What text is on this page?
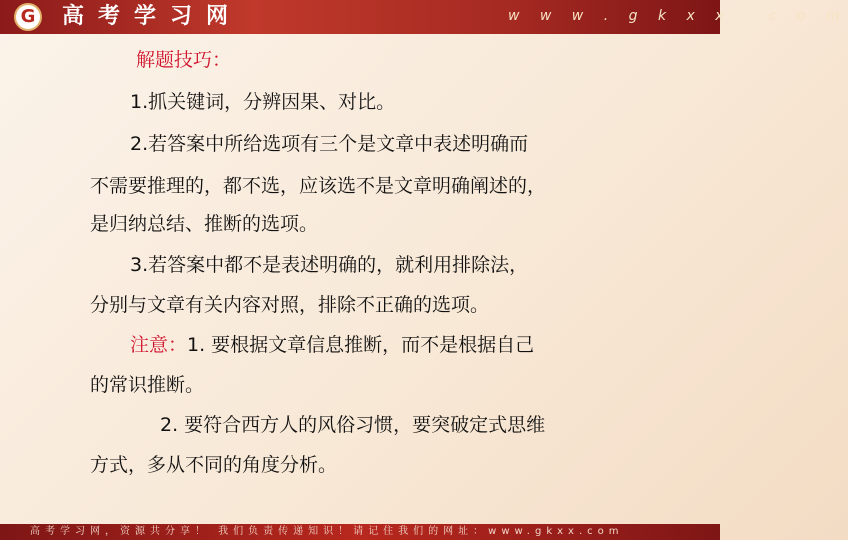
G 高考学习网	w w w . g k x x . c o m
解题技巧：
1.抓关键词，分辨因果、对比。
2.若答案中所给选项有三个是文章中表述明确而
不需要推理的，都不选，应该选不是文章明确阐述的，
是归纳总结、推断的选项。
3.若答案中都不是表述明确的，就利用排除法，
分别与文章有关内容对照，排除不正确的选项。
注意：1. 要根据文章信息推断，而不是根据自己
的常识推断。
2. 要符合西方人的风俗习惯，要突破定式思维
方式，多从不同的角度分析。
高考学习网，资源共分享！ 我们负责传递知识！请记住我们的网址：www.gkxx.com
